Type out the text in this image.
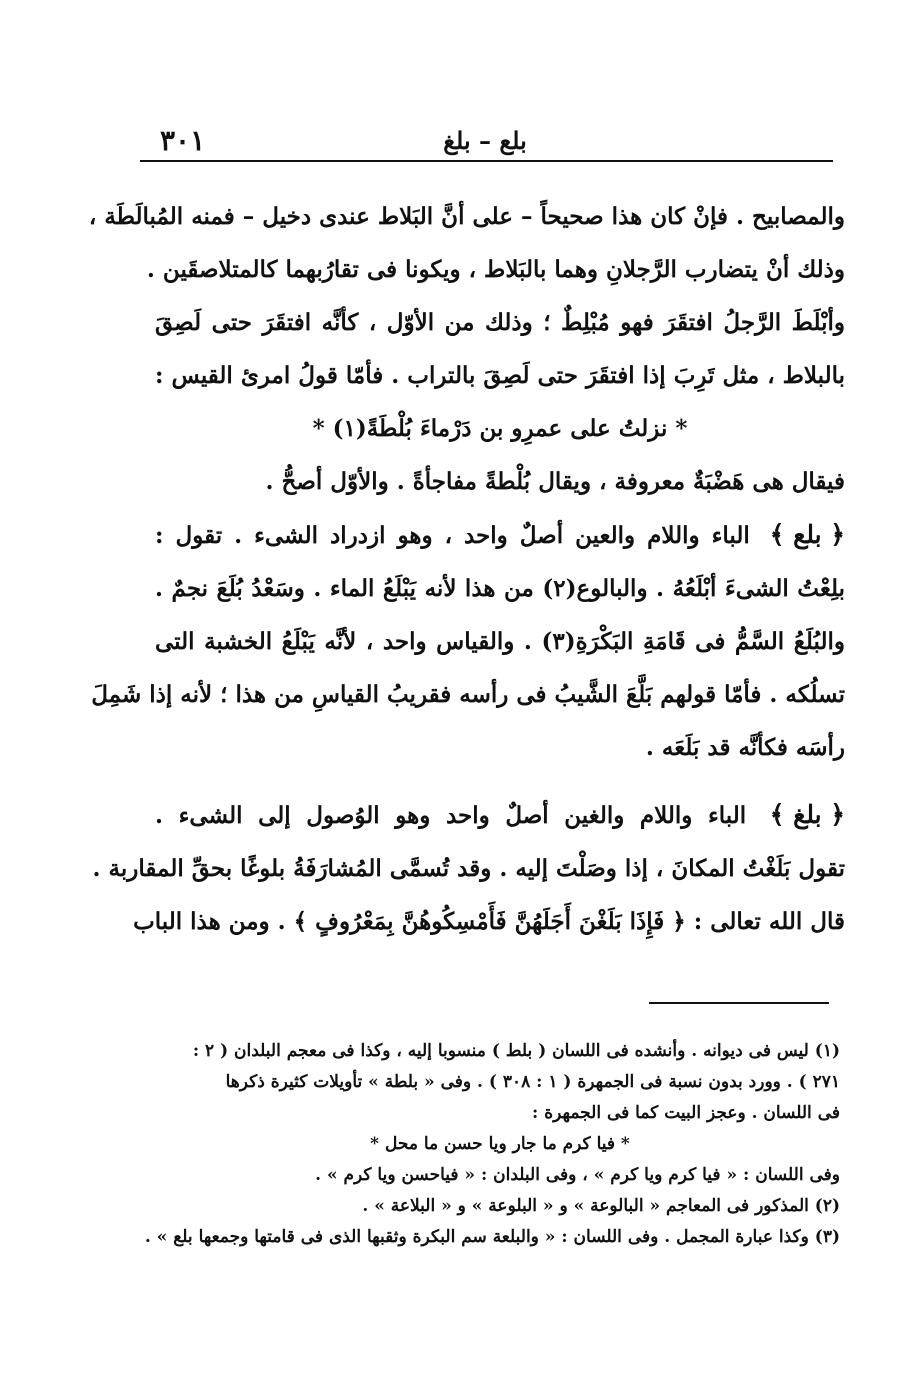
بلع – بلغ
٣٠١
والمصابيح . فإنْ كان هذا صحيحاً – على أنَّ البَلاط عندى دخيل – فمنه المُبالَطَة ،
وذلك أنْ يتضارب الرَّجلانِ وهما بالبَلاط ، ويكونا فى تقارُبهما كالمتلاصقَين .
وأبْلَطَ الرَّجلُ افتقَرَ فهو مُبْلِطٌ ؛ وذلك من الأوّل ، كأنَّه افتقَرَ حتى لَصِقَ
بالبلاط ، مثل تَرِبَ إذا افتقَرَ حتى لَصِقَ بالتراب . فأمّا قولُ امرئ القيس :
* نزلتُ على عمرِو بن دَرْماءَ بُلْطَةً(١) *
فيقال هى هَضْبَةٌ معروفة ، ويقال بُلْطةً مفاجأةً . والأوّل أصحُّ .
﴿ بلع ﴾ الباء واللام والعين أصلٌ واحد ، وهو ازدراد الشىء . تقول :
بلِعْتُ الشىءَ أبْلَعُهُ . والبالوع(٢) من هذا لأنه يَبْلَعُ الماء . وسَعْدُ بُلَعَ نجمٌ .
والبُلَعُ السَّمُّ فى قَامَةِ البَكْرَةِ(٣) . والقياس واحد ، لأنَّه يَبْلَعُ الخشبة التى
تسلُكه . فأمّا قولهم بَلَّعَ الشَّيبُ فى رأسه فقريبُ القياسِ من هذا ؛ لأنه إذا شَمِلَ
رأسَه فكأنَّه قد بَلَعَه .
﴿ بلغ ﴾ الباء واللام والغين أصلٌ واحد وهو الوُصول إلى الشىء .
تقول بَلَغْتُ المكانَ ، إذا وصَلْتَ إليه . وقد تُسمَّى المُشارَفَةُ بلوغًا بحقِّ المقاربة .
قال الله تعالى : ﴿ فَإِذَا بَلَغْنَ أَجَلَهُنَّ فَأَمْسِكُوهُنَّ بِمَعْرُوفٍ ﴾ . ومن هذا الباب
(١) ليس فى ديوانه . وأنشده فى اللسان ( بلط ) منسوبا إليه ، وكذا فى معجم البلدان ( ٢ :
٢٧١ ) . وورد بدون نسبة فى الجمهرة ( ١ : ٣٠٨ ) . وفى « بلطة » تأويلات كثيرة ذكرها
فى اللسان . وعجز البيت كما فى الجمهرة :
* فيا كرم ما جار ويا حسن ما محل *
وفى اللسان : « فيا كرم ويا كرم » ، وفى البلدان : « فياحسن ويا كرم » .
(٢) المذكور فى المعاجم « البالوعة » و « البلوعة » و « البلاعة » .
(٣) وكذا عبارة المجمل . وفى اللسان : « والبلعة سم البكرة وثقبها الذى فى قامتها وجمعها بلع » .
